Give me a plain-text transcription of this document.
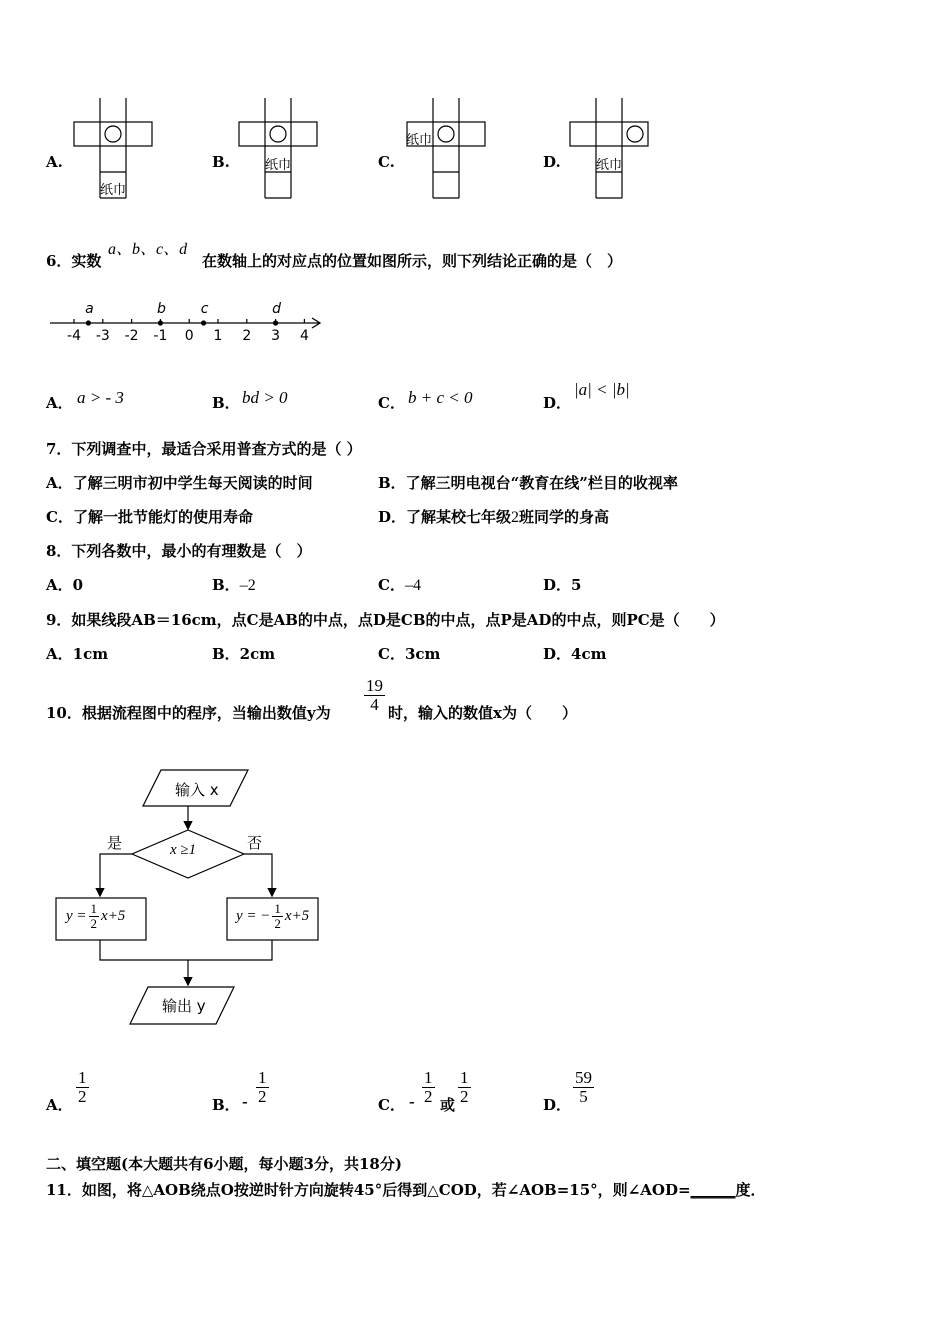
A.	B.	C.	D.
纸巾
纸巾
纸巾
纸巾
6．实数
a、b、c、d
在数轴上的对应点的位置如图所示，则下列结论正确的是（　）
-4 -3 -2 -1 0 1 2 3 4
a	b c	d
A． a > - 3	B． bd > 0	C． b + c < 0	D．
|a| < |b|
7．下列调查中，最适合采用普查方式的是（ ）
A．了解三明市初中学生每天阅读的时间	B．了解三明电视台“教育在线”栏目的收视率
C．了解一批节能灯的使用寿命	D．了解某校七年级2班同学的身高
8．下列各数中，最小的有理数是（　）
A．0	B．–2	C．–4	D．5
9．如果线段AB＝16cm，点C是AB的中点，点D是CB的中点，点P是AD的中点，则PC是（　　）
A．1cm	B．2cm	C．3cm	D．4cm
10．根据流程图中的程序，当输出数值y为 $\frac{19}{4}$ 时，输入的数值x为（　　）
输入 x
x ≥1
是	否
$y = \frac{1}{2} x+5$	y = − $\frac{1}{2} x+5$
输出 y
A． $\frac{1}{2}$	B． - $\frac{1}{2}$	C． - $\frac{1}{2}$ 或 $\frac{1}{2}$	D． $\frac{59}{5}$
二、填空题(本大题共有6小题，每小题3分，共18分)
11．如图，将△AOB绕点O按逆时针方向旋转45°后得到△COD，若∠AOB=15°，则∠AOD=______度．
